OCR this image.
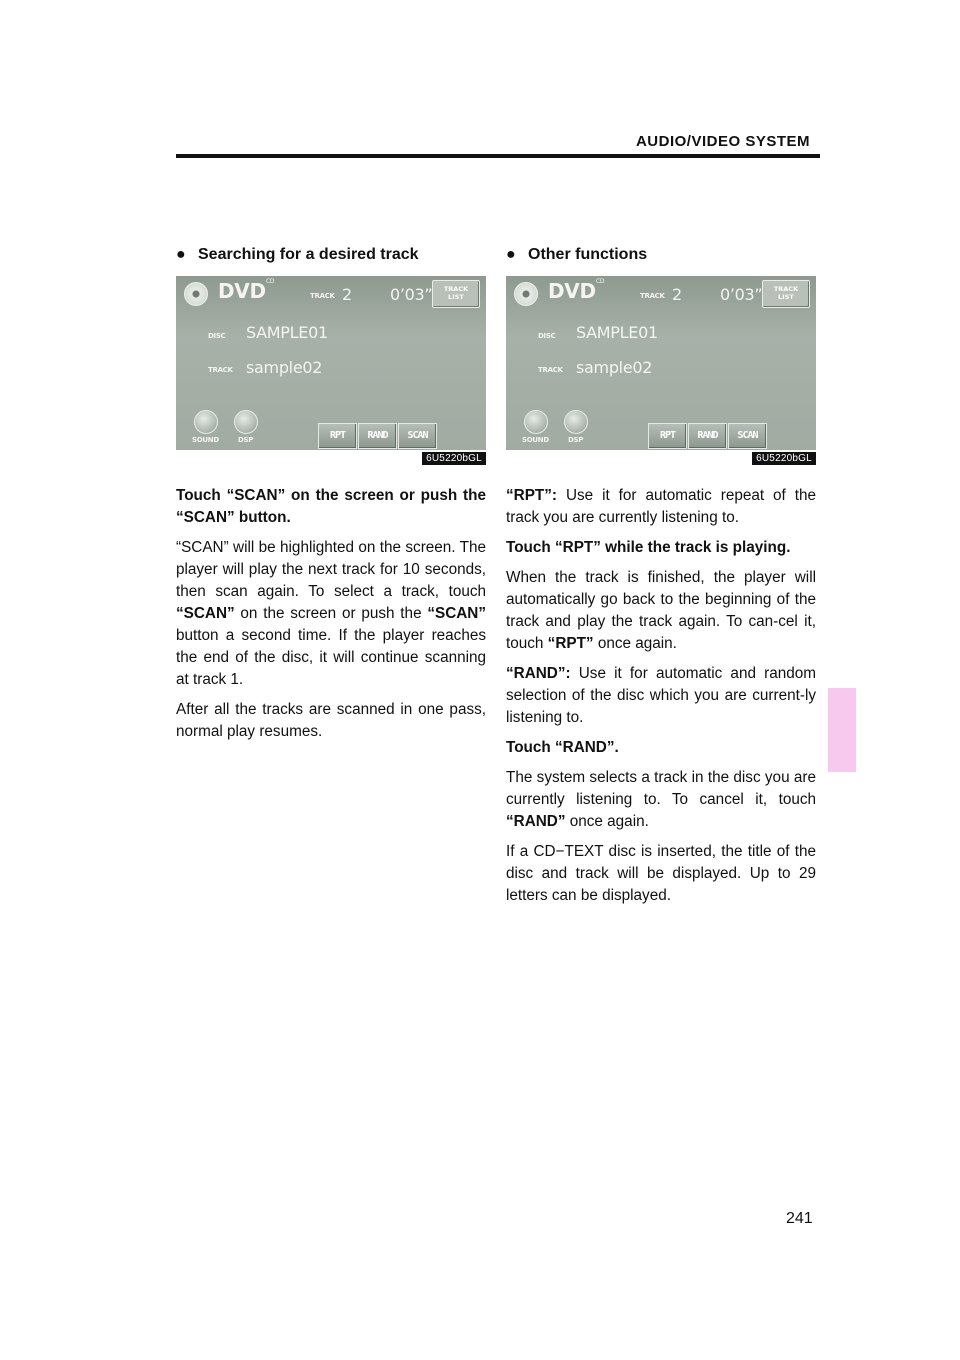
AUDIO/VIDEO SYSTEM
● Searching for a desired track
DVD CD
TRACK 2 0’03”	TRACK
LIST
DISC SAMPLE01
TRACK sample02
SOUND	DSP	RPT	RAND	SCAN
6U5220bGL

Touch “SCAN” on the screen or push the “SCAN” button.

“SCAN” will be highlighted on the screen. The player will play the next track for 10 seconds, then scan again. To select a track, touch “SCAN” on the screen or push the “SCAN” button a second time. If the player reaches the end of the disc, it will continue scanning at track 1.

After all the tracks are scanned in one pass, normal play resumes.

● Other functions
DVD CD
TRACK 2 0’03”	TRACK
LIST
DISC SAMPLE01
TRACK sample02
SOUND	DSP	RPT	RAND	SCAN
6U5220bGL

“RPT”: Use it for automatic repeat of the track you are currently listening to.

Touch “RPT” while the track is playing.

When the track is finished, the player will automatically go back to the beginning of the track and play the track again. To can-cel it, touch “RPT” once again.

“RAND”: Use it for automatic and random selection of the disc which you are current-ly listening to.

Touch “RAND”.

The system selects a track in the disc you are currently listening to. To cancel it, touch “RAND” once again.

If a CD−TEXT disc is inserted, the title of the disc and track will be displayed. Up to 29 letters can be displayed.

241
